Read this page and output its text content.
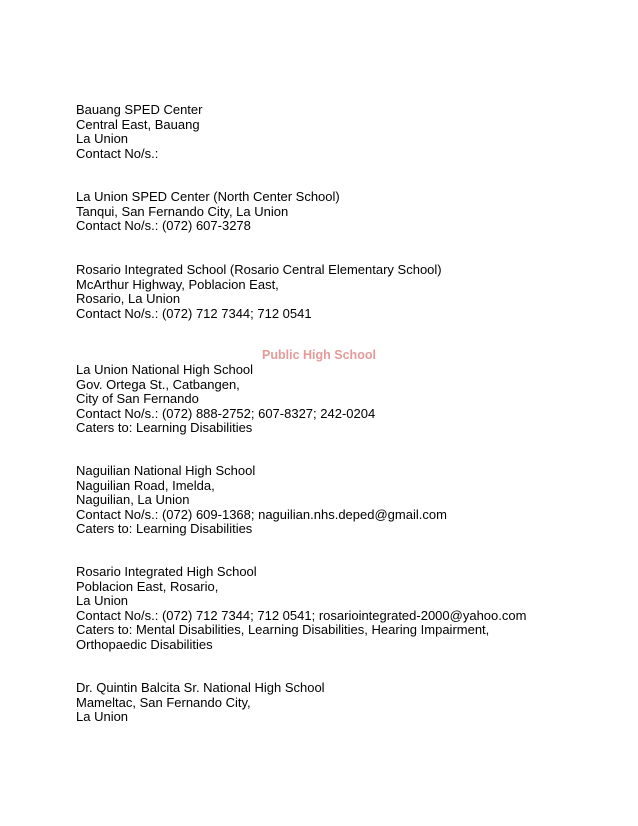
Bauang SPED Center
Central East, Bauang
La Union
Contact No/s.:
La Union SPED Center (North Center School)
Tanqui, San Fernando City, La Union
Contact No/s.: (072) 607-3278
Rosario Integrated School (Rosario Central Elementary School)
McArthur Highway, Poblacion East,
Rosario, La Union
Contact No/s.: (072) 712 7344; 712 0541
Public High School
La Union National High School
Gov. Ortega St., Catbangen,
City of San Fernando
Contact No/s.: (072) 888-2752; 607-8327; 242-0204
Caters to: Learning Disabilities
Naguilian National High School
Naguilian Road, Imelda,
Naguilian, La Union
Contact No/s.: (072) 609-1368; naguilian.nhs.deped@gmail.com
Caters to: Learning Disabilities
Rosario Integrated High School
Poblacion East, Rosario,
La Union
Contact No/s.: (072) 712 7344; 712 0541; rosariointegrated-2000@yahoo.com
Caters to: Mental Disabilities, Learning Disabilities, Hearing Impairment, Orthopaedic Disabilities
Dr. Quintin Balcita Sr. National High School
Mameltac, San Fernando City,
La Union
